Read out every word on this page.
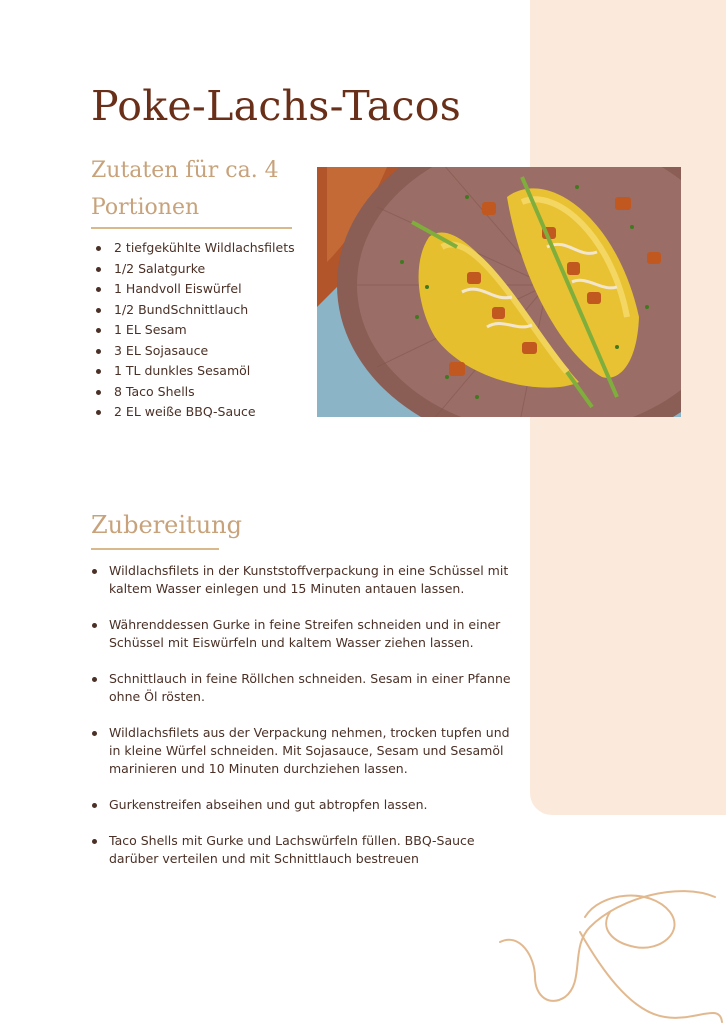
Poke-Lachs-Tacos
Zutaten für ca. 4 Portionen
2 tiefgekühlte Wildlachsfilets
1/2 Salatgurke
1 Handvoll Eiswürfel
1/2 BundSchnittlauch
1 EL Sesam
3 EL Sojasauce
1 TL dunkles Sesamöl
8 Taco Shells
2 EL weiße BBQ-Sauce
Zubereitung
Wildlachsfilets in der Kunststoffverpackung in eine Schüssel mit kaltem Wasser einlegen und 15 Minuten antauen lassen.
Währenddessen Gurke in feine Streifen schneiden und in einer Schüssel mit Eiswürfeln und kaltem Wasser ziehen lassen.
Schnittlauch in feine Röllchen schneiden. Sesam in einer Pfanne ohne Öl rösten.
Wildlachsfilets aus der Verpackung nehmen, trocken tupfen und in kleine Würfel schneiden. Mit Sojasauce, Sesam und Sesamöl marinieren und 10 Minuten durchziehen lassen.
Gurkenstreifen abseihen und gut abtropfen lassen.
Taco Shells mit Gurke und Lachswürfeln füllen. BBQ-Sauce darüber verteilen und mit Schnittlauch bestreuen
